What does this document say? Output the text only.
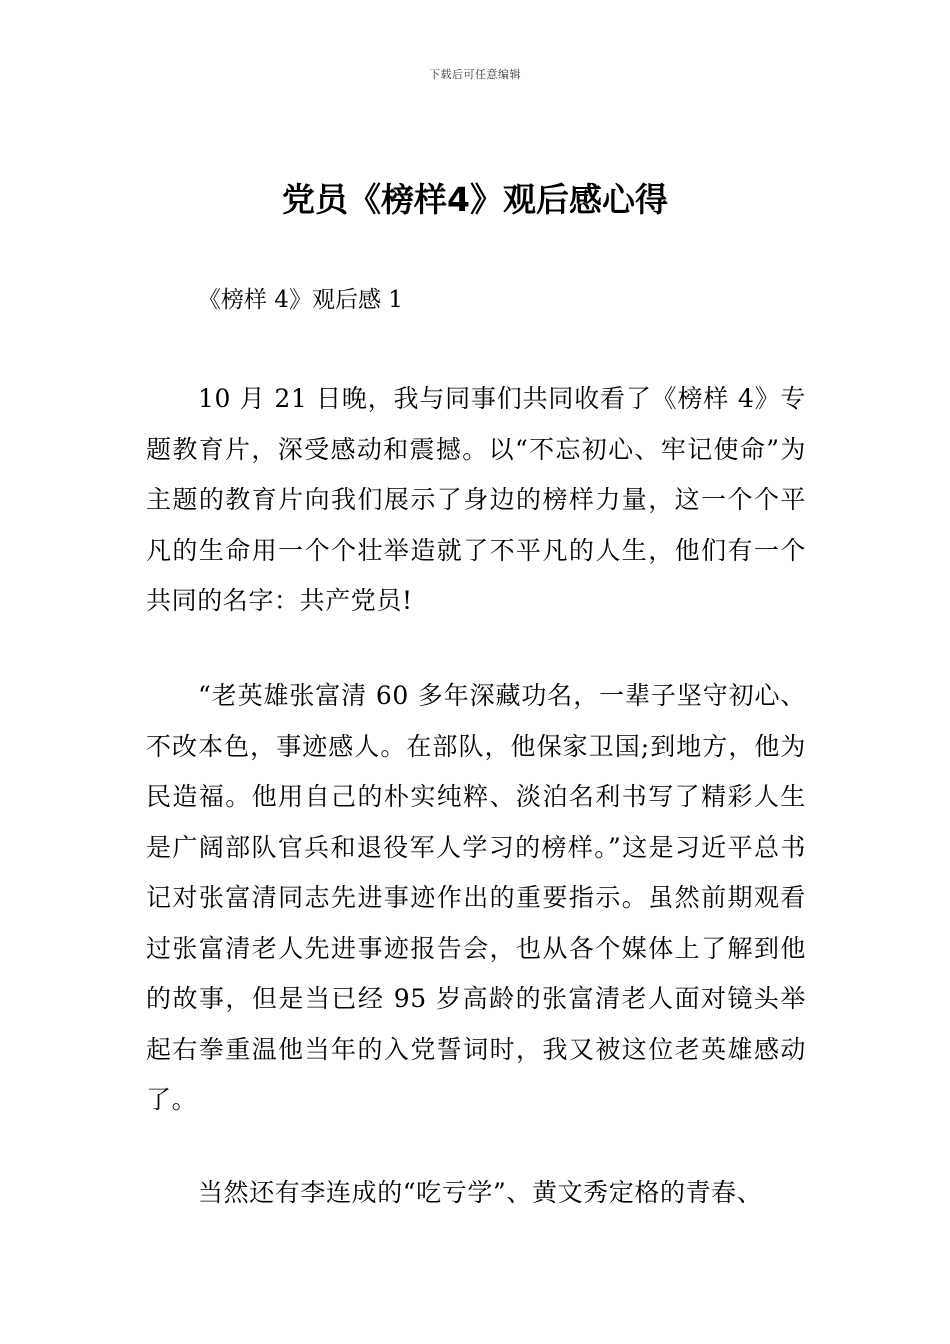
下载后可任意编辑
党员《榜样4》观后感心得

《榜样 4》观后感 1

10 月 21 日晚，我与同事们共同收看了《榜样 4》专题教育片，深受感动和震撼。以“不忘初心、牢记使命”为主题的教育片向我们展示了身边的榜样力量，这一个个平凡的生命用一个个壮举造就了不平凡的人生，他们有一个共同的名字：共产党员!

“老英雄张富清 60 多年深藏功名，一辈子坚守初心、不改本色，事迹感人。在部队，他保家卫国;到地方，他为民造福。他用自己的朴实纯粹、淡泊名利书写了精彩人生是广阔部队官兵和退役军人学习的榜样。”这是习近平总书记对张富清同志先进事迹作出的重要指示。虽然前期观看过张富清老人先进事迹报告会，也从各个媒体上了解到他的故事，但是当已经 95 岁高龄的张富清老人面对镜头举起右拳重温他当年的入党誓词时，我又被这位老英雄感动了。

当然还有李连成的“吃亏学”、黄文秀定格的青春、
